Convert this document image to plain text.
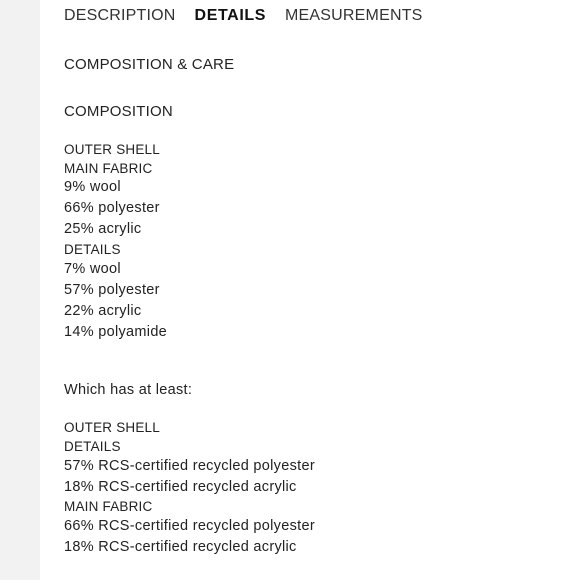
DESCRIPTION DETAILS MEASUREMENTS
COMPOSITION & CARE
COMPOSITION
OUTER SHELL
MAIN FABRIC
9% wool
66% polyester
25% acrylic
DETAILS
7% wool
57% polyester
22% acrylic
14% polyamide
Which has at least:
OUTER SHELL
DETAILS
57% RCS-certified recycled polyester
18% RCS-certified recycled acrylic
MAIN FABRIC
66% RCS-certified recycled polyester
18% RCS-certified recycled acrylic
